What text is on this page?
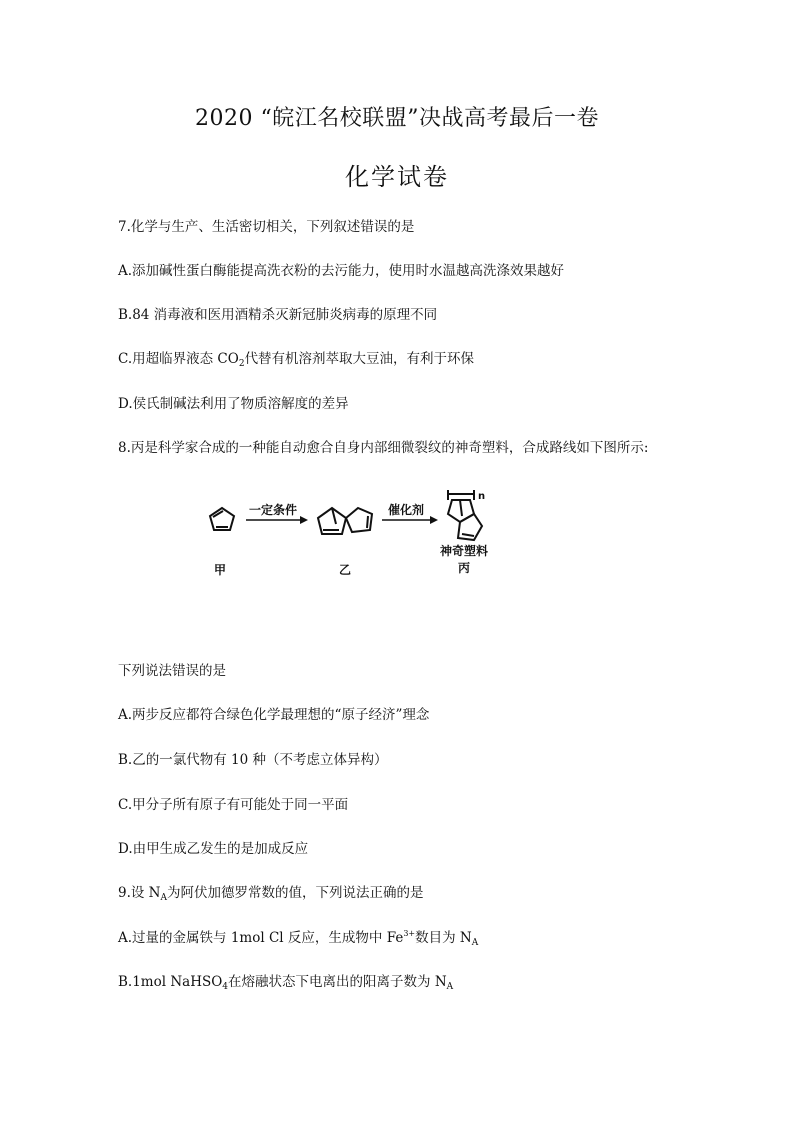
2020 “皖江名校联盟”决战高考最后一卷
化学试卷
7.化学与生产、生活密切相关，下列叙述错误的是
A.添加碱性蛋白酶能提高洗衣粉的去污能力，使用时水温越高洗涤效果越好
B.84 消毒液和医用酒精杀灭新冠肺炎病毒的原理不同
C.用超临界液态 $CO_2$代替有机溶剂萃取大豆油，有利于环保
D.侯氏制碱法利用了物质溶解度的差异
8.丙是科学家合成的一种能自动愈合自身内部细微裂纹的神奇塑料，合成路线如下图所示:
一定条件	催化剂
n
神奇塑料
甲	乙	丙
下列说法错误的是
A.两步反应都符合绿色化学最理想的“原子经济”理念
B.乙的一氯代物有 10 种（不考虑立体异构）
C.甲分子所有原子有可能处于同一平面
D.由甲生成乙发生的是加成反应
9.设 $N_A$为阿伏加德罗常数的值，下列说法正确的是
A.过量的金属铁与 1mol Cl 反应，生成物中 $Fe^{3+}$数目为 $N_A$
B.1mol NaHSO$_4$在熔融状态下电离出的阳离子数为 $N_A$
